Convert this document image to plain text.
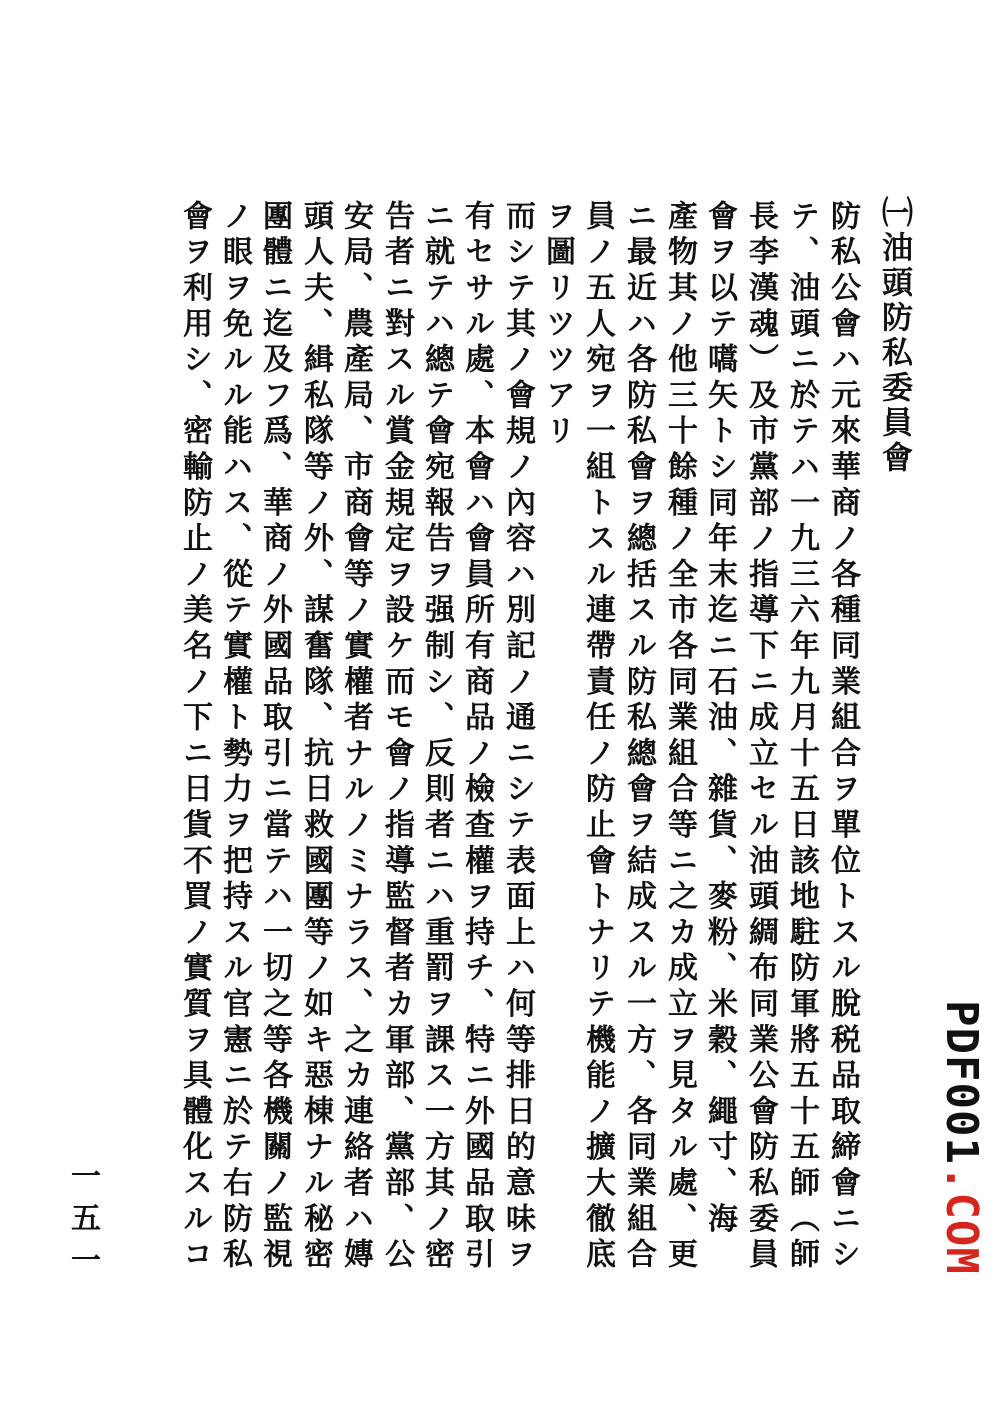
㈠油頭防私委員會
防私公會ハ元來華商ノ各種同業組合ヲ單位トスル脫税品取締會ニシ
テ、油頭ニ於テハ一九三六年九月十五日該地駐防軍將五十五師（師
長李漢魂）及市黨部ノ指導下ニ成立セル油頭綢布同業公會防私委員
會ヲ以テ嚆矢トシ同年末迄ニ石油、雜貨、麥粉、米穀、繩寸、海
產物其ノ他三十餘種ノ全市各同業組合等ニ之カ成立ヲ見タル處、更
ニ最近ハ各防私會ヲ總括スル防私總會ヲ結成スル一方、各同業組合
員ノ五人宛ヲ一組トスル連帶責任ノ防止會トナリテ機能ノ擴大徹底
ヲ圖リツツアリ
而シテ其ノ會規ノ內容ハ別記ノ通ニシテ表面上ハ何等排日的意味ヲ
有セサル處、本會ハ會員所有商品ノ檢查權ヲ持チ、特ニ外國品取引
ニ就テハ總テ會宛報告ヲ强制シ、反則者ニハ重罰ヲ課ス一方其ノ密
告者ニ對スル賞金規定ヲ設ケ而モ會ノ指導監督者カ軍部、黨部、公
安局、農產局、市商會等ノ實權者ナルノミナラス、之カ連絡者ハ嫥
頭人夫、緝私隊等ノ外、謀奮隊、抗日救國團等ノ如キ惡棟ナル秘密
團體ニ迄及フ爲、華商ノ外國品取引ニ當テハ一切之等各機關ノ監視
ノ眼ヲ免ルル能ハス、從テ實權ト勢力ヲ把持スル官憲ニ於テ右防私
會ヲ利用シ、密輸防止ノ美名ノ下ニ日貨不買ノ實質ヲ具體化スルコ
一五一
PDF001.COM
